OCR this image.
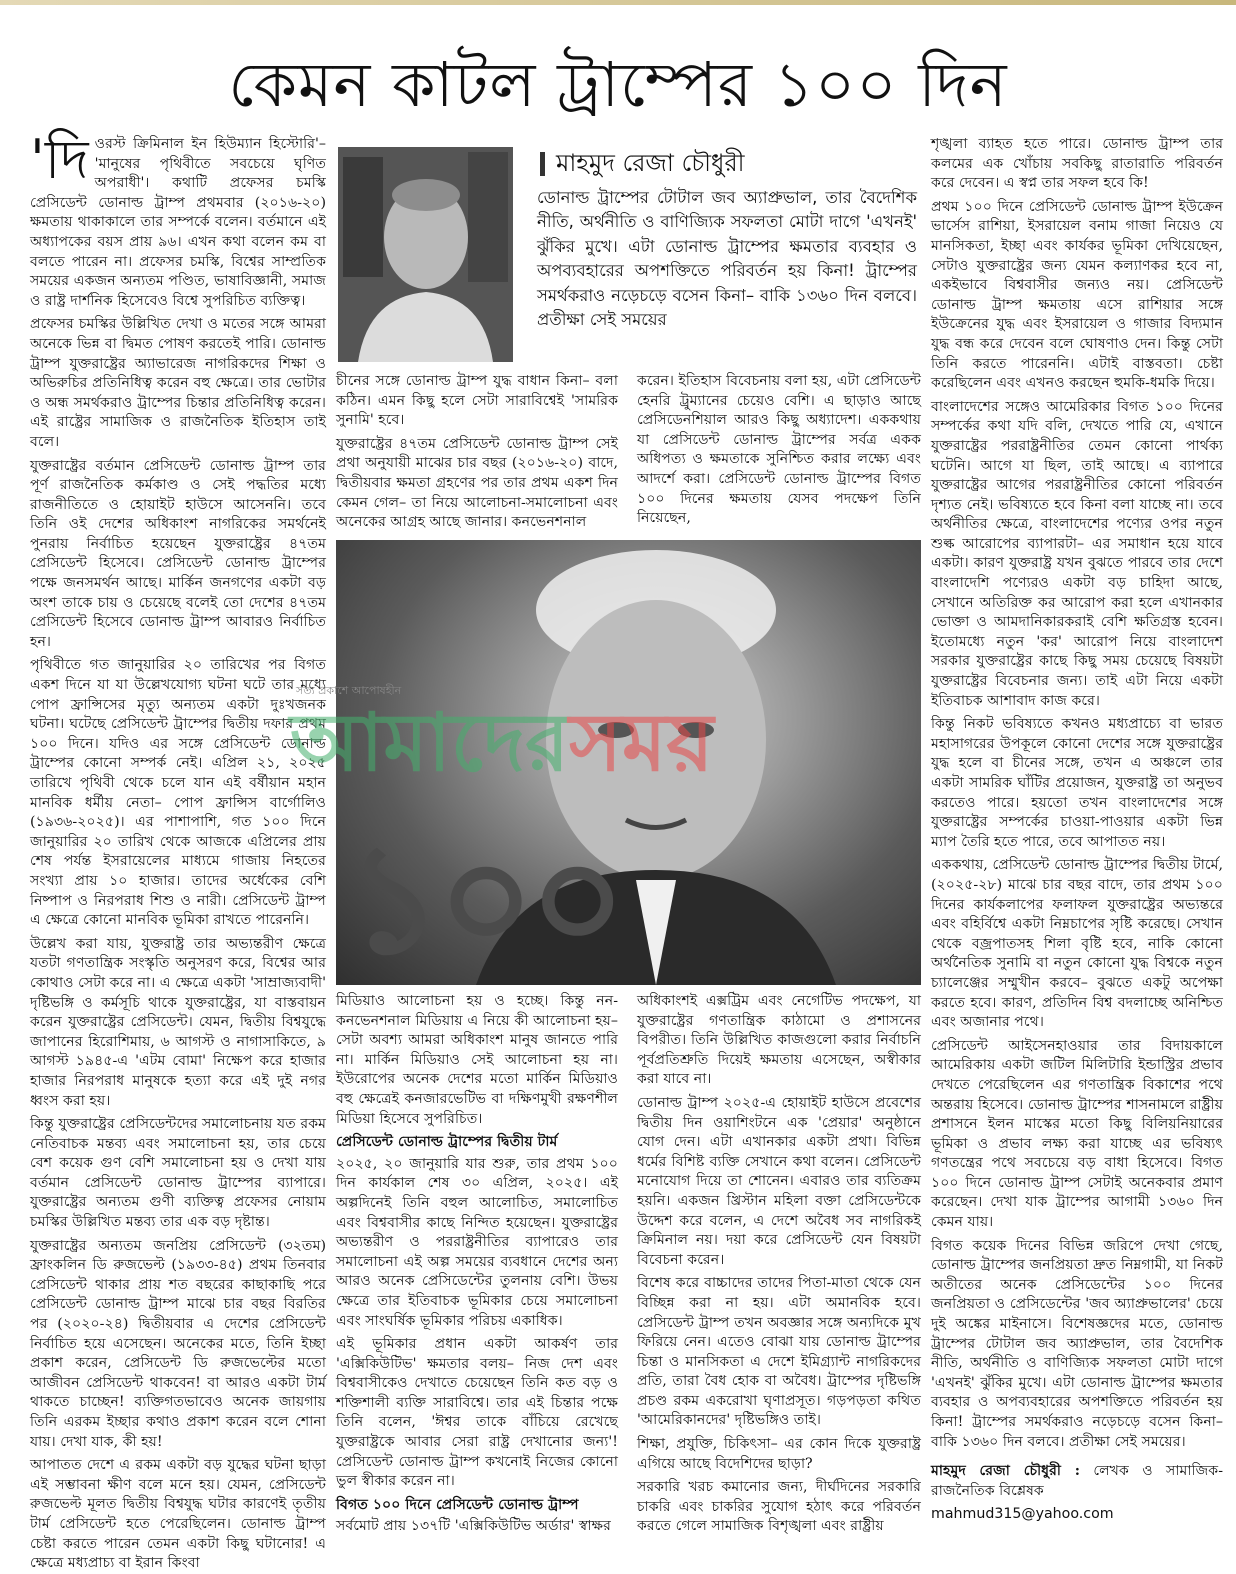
কেমন কাটল ট্রাম্পের ১০০ দিন

'দিওরস্ট ক্রিমিনাল ইন হিউম্যান হিস্টোরি'– 'মানুষের পৃথিবীতে সবচেয়ে ঘৃণিত অপরাধী'। কথাটি প্রফেসর চমস্কি প্রেসিডেন্ট ডোনাল্ড ট্রাম্প প্রথমবার (২০১৬-২০) ক্ষমতায় থাকাকালে তার সম্পর্কে বলেন। বর্তমানে এই অধ্যাপকের বয়স প্রায় ৯৬। এখন কথা বলেন কম বা বলতে পারেন না। প্রফেসর চমস্কি, বিশ্বের সাম্প্রতিক সময়ের একজন অন্যতম পণ্ডিত, ভাষাবিজ্ঞানী, সমাজ ও রাষ্ট্র দার্শনিক হিসেবেও বিশ্বে সুপরিচিত ব্যক্তিত্ব।

প্রফেসর চমস্কির উল্লিখিত দেখা ও মতের সঙ্গে আমরা অনেকে ভিন্ন বা দ্বিমত পোষণ করতেই পারি। ডোনাল্ড ট্রাম্প যুক্তরাষ্ট্রের অ্যাভারেজ নাগরিকদের শিক্ষা ও অভিরুচির প্রতিনিধিত্ব করেন বহু ক্ষেত্রে। তার ভোটার ও অন্ধ সমর্থকরাও ট্রাম্পের চিন্তার প্রতিনিধিত্ব করেন। এই রাষ্ট্রের সামাজিক ও রাজনৈতিক ইতিহাস তাই বলে।

যুক্তরাষ্ট্রের বর্তমান প্রেসিডেন্ট ডোনাল্ড ট্রাম্প তার পূর্ণ রাজনৈতিক কর্মকাণ্ড ও সেই পদ্ধতির মধ্যে রাজনীতিতে ও হোয়াইট হাউসে আসেননি। তবে তিনি ওই দেশের অধিকাংশ নাগরিকের সমর্থনেই পুনরায় নির্বাচিত হয়েছেন যুক্তরাষ্ট্রের ৪৭তম প্রেসিডেন্ট হিসেবে। প্রেসিডেন্ট ডোনাল্ড ট্রাম্পের পক্ষে জনসমর্থন আছে। মার্কিন জনগণের একটা বড় অংশ তাকে চায় ও চেয়েছে বলেই তো দেশের ৪৭তম প্রেসিডেন্ট হিসেবে ডোনাল্ড ট্রাম্প আবারও নির্বাচিত হন।

পৃথিবীতে গত জানুয়ারির ২০ তারিখের পর বিগত একশ দিনে যা যা উল্লেখযোগ্য ঘটনা ঘটে তার মধ্যে পোপ ফ্রান্সিসের মৃত্যু অন্যতম একটা দুঃখজনক ঘটনা। ঘটেছে প্রেসিডেন্ট ট্রাম্পের দ্বিতীয় দফার প্রথম ১০০ দিনে। যদিও এর সঙ্গে প্রেসিডেন্ট ডোনাল্ড ট্রাম্পের কোনো সম্পর্ক নেই। এপ্রিল ২১, ২০২৫ তারিখে পৃথিবী থেকে চলে যান এই বর্ষীয়ান মহান মানবিক ধর্মীয় নেতা– পোপ ফ্রান্সিস বার্গোলিও (১৯৩৬-২০২৫)। এর পাশাপাশি, গত ১০০ দিনে জানুয়ারির ২০ তারিখ থেকে আজকে এপ্রিলের প্রায় শেষ পর্যন্ত ইসরায়েলের মাধ্যমে গাজায় নিহতের সংখ্যা প্রায় ১০ হাজার। তাদের অর্ধেকের বেশি নিষ্পাপ ও নিরপরাধ শিশু ও নারী। প্রেসিডেন্ট ট্রাম্প এ ক্ষেত্রে কোনো মানবিক ভূমিকা রাখতে পারেননি।

উল্লেখ করা যায়, যুক্তরাষ্ট্র তার অভ্যন্তরীণ ক্ষেত্রে যতটা গণতান্ত্রিক সংস্কৃতি অনুসরণ করে, বিশ্বের আর কোথাও সেটা করে না। এ ক্ষেত্রে একটা 'সাম্রাজ্যবাদী' দৃষ্টিভঙ্গি ও কর্মসূচি থাকে যুক্তরাষ্ট্রের, যা বাস্তবায়ন করেন যুক্তরাষ্ট্রের প্রেসিডেন্ট। যেমন, দ্বিতীয় বিশ্বযুদ্ধে জাপানের হিরোশিমায়, ৬ আগস্ট ও নাগাসাকিতে, ৯ আগস্ট ১৯৪৫-এ 'এটম বোমা' নিক্ষেপ করে হাজার হাজার নিরপরাধ মানুষকে হত্যা করে এই দুই নগর ধ্বংস করা হয়।

কিন্তু যুক্তরাষ্ট্রের প্রেসিডেন্টদের সমালোচনায় যত রকম নেতিবাচক মন্তব্য এবং সমালোচনা হয়, তার চেয়ে বেশ কয়েক গুণ বেশি সমালোচনা হয় ও দেখা যায় বর্তমান প্রেসিডেন্ট ডোনাল্ড ট্রাম্পের ব্যাপারে। যুক্তরাষ্ট্রের অন্যতম গুণী ব্যক্তিত্ব প্রফেসর নোয়াম চমস্কির উল্লিখিত মন্তব্য তার এক বড় দৃষ্টান্ত।

যুক্তরাষ্ট্রের অন্যতম জনপ্রিয় প্রেসিডেন্ট (৩২তম) ফ্রাংকলিন ডি রুজভেল্ট (১৯৩৩-৪৫) প্রথম তিনবার প্রেসিডেন্ট থাকার প্রায় শত বছরের কাছাকাছি পরে প্রেসিডেন্ট ডোনাল্ড ট্রাম্প মাঝে চার বছর বিরতির পর (২০২০-২৪) দ্বিতীয়বার এ দেশের প্রেসিডেন্ট নির্বাচিত হয়ে এসেছেন। অনেকের মতে, তিনি ইচ্ছা প্রকাশ করেন, প্রেসিডেন্ট ডি রুজভেল্টের মতো আজীবন প্রেসিডেন্ট থাকবেন! বা আরও একটা টার্ম থাকতে চাচ্ছেন! ব্যক্তিগতভাবেও অনেক জায়গায় তিনি এরকম ইচ্ছার কথাও প্রকাশ করেন বলে শোনা যায়। দেখা যাক, কী হয়!

আপাতত দেশে এ রকম একটা বড় যুদ্ধের ঘটনা ছাড়া এই সম্ভাবনা ক্ষীণ বলে মনে হয়। যেমন, প্রেসিডেন্ট রুজভেল্ট মূলত দ্বিতীয় বিশ্বযুদ্ধ ঘটার কারণেই তৃতীয় টার্ম প্রেসিডেন্ট হতে পেরেছিলেন। ডোনাল্ড ট্রাম্প চেষ্টা করতে পারেন তেমন একটা কিছু ঘটানোর! এ ক্ষেত্রে মধ্যপ্রাচ্য বা ইরান কিংবা

মাহমুদ রেজা চৌধুরী
ডোনাল্ড ট্রাম্পের টোটাল জব অ্যাপ্রুভাল, তার বৈদেশিক নীতি, অর্থনীতি ও বাণিজ্যিক সফলতা মোটা দাগে 'এখনই' ঝুঁকির মুখে। এটা ডোনাল্ড ট্রাম্পের ক্ষমতার ব্যবহার ও অপব্যবহারের অপশক্তিতে পরিবর্তন হয় কিনা! ট্রাম্পের সমর্থকরাও নড়েচড়ে বসেন কিনা– বাকি ১৩৬০ দিন বলবে। প্রতীক্ষা সেই সময়ের

চীনের সঙ্গে ডোনাল্ড ট্রাম্প যুদ্ধ বাধান কিনা– বলা কঠিন। এমন কিছু হলে সেটা সারাবিশ্বেই 'সামরিক সুনামি' হবে।

যুক্তরাষ্ট্রের ৪৭তম প্রেসিডেন্ট ডোনাল্ড ট্রাম্প সেই প্রথা অনুযায়ী মাঝের চার বছর (২০১৬-২০) বাদে, দ্বিতীয়বার ক্ষমতা গ্রহণের পর তার প্রথম একশ দিন কেমন গেল– তা নিয়ে আলোচনা-সমালোচনা এবং অনেকের আগ্রহ আছে জানার। কনভেনশনাল

করেন। ইতিহাস বিবেচনায় বলা হয়, এটা প্রেসিডেন্ট হেনরি ট্রুম্যানের চেয়েও বেশি। এ ছাড়াও আছে প্রেসিডেনশিয়াল আরও কিছু অধ্যাদেশ। এককথায় যা প্রেসিডেন্ট ডোনাল্ড ট্রাম্পের সর্বত্র একক অধিপত্য ও ক্ষমতাকে সুনিশ্চিত করার লক্ষ্যে এবং আদর্শে করা। প্রেসিডেন্ট ডোনাল্ড ট্রাম্পের বিগত ১০০ দিনের ক্ষমতায় যেসব পদক্ষেপ তিনি নিয়েছেন,

১০০
সত্য প্রকাশে আপোষহীন
আমাদেরসময়

মিডিয়াও আলোচনা হয় ও হচ্ছে। কিন্তু নন-কনভেনশনাল মিডিয়ায় এ নিয়ে কী আলোচনা হয়– সেটা অবশ্য আমরা অধিকাংশ মানুষ জানতে পারি না। মার্কিন মিডিয়াও সেই আলোচনা হয় না। ইউরোপের অনেক দেশের মতো মার্কিন মিডিয়াও বহু ক্ষেত্রেই কনজারভেটিভ বা দক্ষিণমুখী রক্ষণশীল মিডিয়া হিসেবে সুপরিচিত।

প্রেসিডেন্ট ডোনাল্ড ট্রাম্পের দ্বিতীয় টার্ম

২০২৫, ২০ জানুয়ারি যার শুরু, তার প্রথম ১০০ দিন কার্যকাল শেষ ৩০ এপ্রিল, ২০২৫। এই অল্পদিনেই তিনি বহুল আলোচিত, সমালোচিত এবং বিশ্ববাসীর কাছে নিন্দিত হয়েছেন। যুক্তরাষ্ট্রের অভ্যন্তরীণ ও পররাষ্ট্রনীতির ব্যাপারেও তার সমালোচনা এই অল্প সময়ের ব্যবধানে দেশের অন্য আরও অনেক প্রেসিডেন্টের তুলনায় বেশি। উভয় ক্ষেত্রে তার ইতিবাচক ভূমিকার চেয়ে সমালোচনা এবং সাংঘর্ষিক ভূমিকার পরিচয় একাধিক।

এই ভূমিকার প্রধান একটা আকর্ষণ তার 'এক্সিকিউটিভ' ক্ষমতার বলয়– নিজ দেশ এবং বিশ্ববাসীকেও দেখাতে চেয়েছেন তিনি কত বড় ও শক্তিশালী ব্যক্তি সারাবিশ্বে। তার এই চিন্তার পক্ষে তিনি বলেন, 'ঈশ্বর তাকে বাঁচিয়ে রেখেছে যুক্তরাষ্ট্রকে আবার সেরা রাষ্ট্র দেখানোর জন্য'! প্রেসিডেন্ট ডোনাল্ড ট্রাম্প কখনোই নিজের কোনো ভুল স্বীকার করেন না।

বিগত ১০০ দিনে প্রেসিডেন্ট ডোনাল্ড ট্রাম্প

সর্বমোট প্রায় ১৩৭টি 'এক্সিকিউটিভ অর্ডার' স্বাক্ষর

অধিকাংশই এক্সট্রিম এবং নেগেটিভ পদক্ষেপ, যা যুক্তরাষ্ট্রের গণতান্ত্রিক কাঠামো ও প্রশাসনের বিপরীত। তিনি উল্লিখিত কাজগুলো করার নির্বাচনি পূর্বপ্রতিশ্রুতি দিয়েই ক্ষমতায় এসেছেন, অস্বীকার করা যাবে না।

ডোনাল্ড ট্রাম্প ২০২৫-এ হোয়াইট হাউসে প্রবেশের দ্বিতীয় দিন ওয়াশিংটনে এক 'প্রেয়ার' অনুষ্ঠানে যোগ দেন। এটা এখানকার একটা প্রথা। বিভিন্ন ধর্মের বিশিষ্ট ব্যক্তি সেখানে কথা বলেন। প্রেসিডেন্ট মনোযোগ দিয়ে তা শোনেন। এবারও তার ব্যতিক্রম হয়নি। একজন খ্রিস্টান মহিলা বক্তা প্রেসিডেন্টকে উদ্দেশ করে বলেন, এ দেশে অবৈধ সব নাগরিকই ক্রিমিনাল নয়। দয়া করে প্রেসিডেন্ট যেন বিষয়টা বিবেচনা করেন।

বিশেষ করে বাচ্চাদের তাদের পিতা-মাতা থেকে যেন বিচ্ছিন্ন করা না হয়। এটা অমানবিক হবে। প্রেসিডেন্ট ট্রাম্প তখন অবজ্ঞার সঙ্গে অন্যদিকে মুখ ফিরিয়ে নেন। এতেও বোঝা যায় ডোনাল্ড ট্রাম্পের চিন্তা ও মানসিকতা এ দেশে ইমিগ্র্যান্ট নাগরিকদের প্রতি, তারা বৈধ হোক বা অবৈধ। ট্রাম্পের দৃষ্টিভঙ্গি প্রচণ্ড রকম একরোখা ঘৃণাপ্রসূত। গড়পড়তা কথিত 'আমেরিকানদের' দৃষ্টিভঙ্গিও তাই।

শিক্ষা, প্রযুক্তি, চিকিৎসা– এর কোন দিকে যুক্তরাষ্ট্র এগিয়ে আছে বিদেশিদের ছাড়া?

সরকারি খরচ কমানোর জন্য, দীর্ঘদিনের সরকারি চাকরি এবং চাকরির সুযোগ হঠাৎ করে পরিবর্তন করতে গেলে সামাজিক বিশৃঙ্খলা এবং রাষ্ট্রীয়

শৃঙ্খলা ব্যাহত হতে পারে। ডোনাল্ড ট্রাম্প তার কলমের এক খোঁচায় সবকিছু রাতারাতি পরিবর্তন করে দেবেন। এ স্বপ্ন তার সফল হবে কি!

প্রথম ১০০ দিনে প্রেসিডেন্ট ডোনাল্ড ট্রাম্প ইউক্রেন ভার্সেস রাশিয়া, ইসরায়েল বনাম গাজা নিয়েও যে মানসিকতা, ইচ্ছা এবং কার্যকর ভূমিকা দেখিয়েছেন, সেটাও যুক্তরাষ্ট্রের জন্য যেমন কল্যাণকর হবে না, একইভাবে বিশ্ববাসীর জন্যও নয়। প্রেসিডেন্ট ডোনাল্ড ট্রাম্প ক্ষমতায় এসে রাশিয়ার সঙ্গে ইউক্রেনের যুদ্ধ এবং ইসরায়েল ও গাজার বিদ্যমান যুদ্ধ বন্ধ করে দেবেন বলে ঘোষণাও দেন। কিন্তু সেটা তিনি করতে পারেননি। এটাই বাস্তবতা। চেষ্টা করেছিলেন এবং এখনও করছেন হুমকি-ধমকি দিয়ে।

বাংলাদেশের সঙ্গেও আমেরিকার বিগত ১০০ দিনের সম্পর্কের কথা যদি বলি, দেখতে পারি যে, এখানে যুক্তরাষ্ট্রের পররাষ্ট্রনীতির তেমন কোনো পার্থক্য ঘটেনি। আগে যা ছিল, তাই আছে। এ ব্যাপারে যুক্তরাষ্ট্রের আগের পররাষ্ট্রনীতির কোনো পরিবর্তন দৃশ্যত নেই। ভবিষ্যতে হবে কিনা বলা যাচ্ছে না। তবে অর্থনীতির ক্ষেত্রে, বাংলাদেশের পণ্যের ওপর নতুন শুল্ক আরোপের ব্যাপারটা– এর সমাধান হয়ে যাবে একটা। কারণ যুক্তরাষ্ট্র যখন বুঝতে পারবে তার দেশে বাংলাদেশি পণ্যেরও একটা বড় চাহিদা আছে, সেখানে অতিরিক্ত কর আরোপ করা হলে এখানকার ভোক্তা ও আমদানিকারকরাই বেশি ক্ষতিগ্রস্ত হবেন। ইতোমধ্যে নতুন 'কর' আরোপ নিয়ে বাংলাদেশ সরকার যুক্তরাষ্ট্রের কাছে কিছু সময় চেয়েছে বিষয়টা যুক্তরাষ্ট্রের বিবেচনার জন্য। তাই এটা নিয়ে একটা ইতিবাচক আশাবাদ কাজ করে।

কিন্তু নিকট ভবিষ্যতে কখনও মধ্যপ্রাচ্যে বা ভারত মহাসাগরের উপকূলে কোনো দেশের সঙ্গে যুক্তরাষ্ট্রের যুদ্ধ হলে বা চীনের সঙ্গে, তখন এ অঞ্চলে তার একটা সামরিক ঘাঁটির প্রয়োজন, যুক্তরাষ্ট্র তা অনুভব করতেও পারে। হয়তো তখন বাংলাদেশের সঙ্গে যুক্তরাষ্ট্রের সম্পর্কের চাওয়া-পাওয়ার একটা ভিন্ন ম্যাপ তৈরি হতে পারে, তবে আপাতত নয়।

এককথায়, প্রেসিডেন্ট ডোনাল্ড ট্রাম্পের দ্বিতীয় টার্মে, (২০২৫-২৮) মাঝে চার বছর বাদে, তার প্রথম ১০০ দিনের কার্যকলাপের ফলাফল যুক্তরাষ্ট্রের অভ্যন্তরে এবং বহির্বিশ্বে একটা নিম্নচাপের সৃষ্টি করেছে। সেখান থেকে বজ্রপাতসহ শিলা বৃষ্টি হবে, নাকি কোনো অর্থনৈতিক সুনামি বা নতুন কোনো যুদ্ধ বিশ্বকে নতুন চ্যালেঞ্জের সম্মুখীন করবে– বুঝতে একটু অপেক্ষা করতে হবে। কারণ, প্রতিদিন বিশ্ব বদলাচ্ছে অনিশ্চিত এবং অজানার পথে।

প্রেসিডেন্ট আইসেনহাওয়ার তার বিদায়কালে আমেরিকায় একটা জটিল মিলিটারি ইন্ডাস্ট্রির প্রভাব দেখতে পেরেছিলেন এর গণতান্ত্রিক বিকাশের পথে অন্তরায় হিসেবে। ডোনাল্ড ট্রাম্পের শাসনামলে রাষ্ট্রীয় প্রশাসনে ইলন মাস্কের মতো কিছু বিলিয়নিয়ারের ভূমিকা ও প্রভাব লক্ষ্য করা যাচ্ছে এর ভবিষ্যৎ গণতন্ত্রের পথে সবচেয়ে বড় বাধা হিসেবে। বিগত ১০০ দিনে ডোনাল্ড ট্রাম্প সেটাই অনেকবার প্রমাণ করেছেন। দেখা যাক ট্রাম্পের আগামী ১৩৬০ দিন কেমন যায়।

বিগত কয়েক দিনের বিভিন্ন জরিপে দেখা গেছে, ডোনাল্ড ট্রাম্পের জনপ্রিয়তা দ্রুত নিম্নগামী, যা নিকট অতীতের অনেক প্রেসিডেন্টের ১০০ দিনের জনপ্রিয়তা ও প্রেসিডেন্টের 'জব অ্যাপ্রুভালের' চেয়ে দুই অঙ্কের মাইনাসে। বিশেষজ্ঞদের মতে, ডোনাল্ড ট্রাম্পের টোটাল জব অ্যাপ্রুভাল, তার বৈদেশিক নীতি, অর্থনীতি ও বাণিজ্যিক সফলতা মোটা দাগে 'এখনই' ঝুঁকির মুখে। এটা ডোনাল্ড ট্রাম্পের ক্ষমতার ব্যবহার ও অপব্যবহারের অপশক্তিতে পরিবর্তন হয় কিনা! ট্রাম্পের সমর্থকরাও নড়েচড়ে বসেন কিনা– বাকি ১৩৬০ দিন বলবে। প্রতীক্ষা সেই সময়ের।

মাহমুদ রেজা চৌধুরী : লেখক ও সামাজিক-রাজনৈতিক বিশ্লেষক

mahmud315@yahoo.com
